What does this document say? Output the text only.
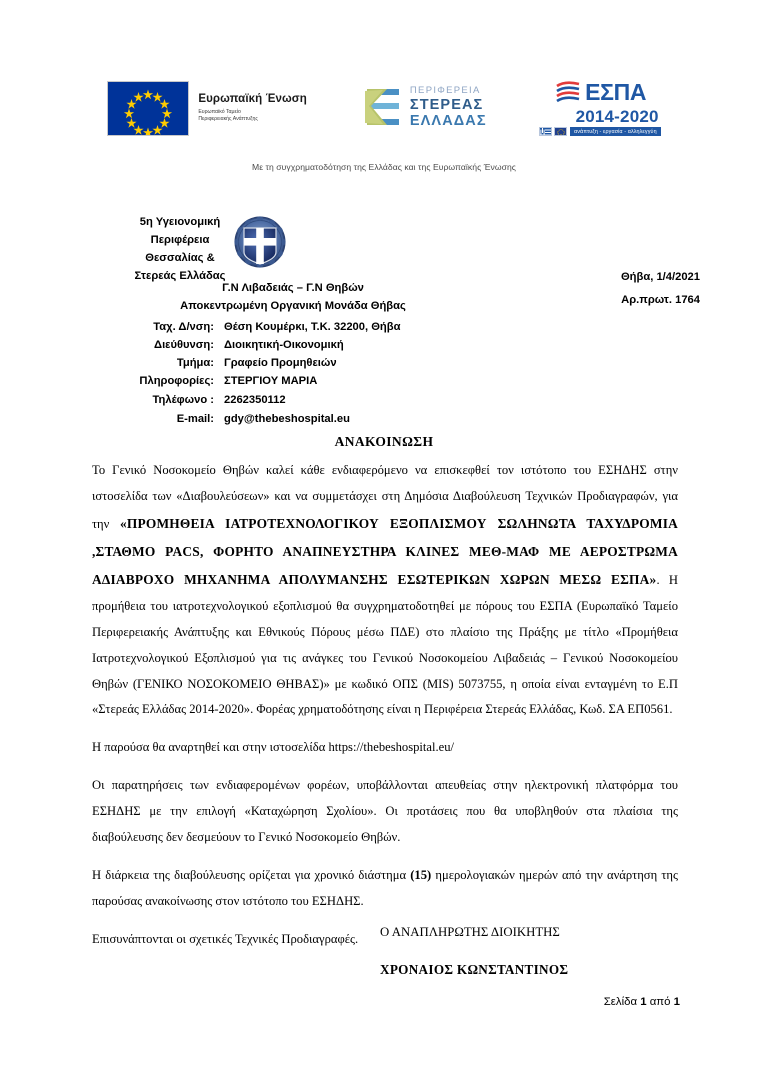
Ευρωπαϊκή Ένωση
Ευρωπαϊκό Ταμείο
Περιφερειακής Ανάπτυξης
ΠΕΡΙΦΕΡΕΙΑ
ΣΤΕΡΕΑΣ
ΕΛΛΑΔΑΣ
ΕΣΠΑ
2014-2020
ανάπτυξη - εργασία - αλληλεγγύη
Με τη συγχρηματοδότηση της Ελλάδας και της Ευρωπαϊκής Ένωσης
5η Υγειονομική
Περιφέρεια
Θεσσαλίας &
Στερεάς Ελλάδας	Θήβα, 1/4/2021
Αρ.πρωτ. 1764
Γ.Ν Λιβαδειάς – Γ.Ν Θηβών
Αποκεντρωμένη Οργανική Μονάδα Θήβας
Ταχ. Δ/νση: Θέση Κουμέρκι, Τ.Κ. 32200, Θήβα
Διεύθυνση: Διοικητική-Οικονομική
Τμήμα: Γραφείο Προμηθειών
Πληροφορίες: ΣΤΕΡΓΙΟΥ ΜΑΡΙΑ
Τηλέφωνο : 2262350112
E-mail: gdy@thebeshospital.eu
ΑΝΑΚΟΙΝΩΣΗ

Το Γενικό Νοσοκομείο Θηβών καλεί κάθε ενδιαφερόμενο να επισκεφθεί τον ιστότοπο του ΕΣΗΔΗΣ στην ιστοσελίδα των «Διαβουλεύσεων» και να συμμετάσχει στη Δημόσια Διαβούλευση Τεχνικών Προδιαγραφών, για την «ΠΡΟΜΗΘΕΙΑ ΙΑΤΡΟΤΕΧΝΟΛΟΓΙΚΟΥ ΕΞΟΠΛΙΣΜΟΥ ΣΩΛΗΝΩΤΑ ΤΑΧΥΔΡΟΜΙΑ ,ΣΤΑΘΜΟ PACS, ΦΟΡΗΤΟ ΑΝΑΠΝΕΥΣΤΗΡΑ ΚΛΙΝΕΣ ΜΕΘ-ΜΑΦ ΜΕ ΑΕΡΟΣΤΡΩΜΑ ΑΔΙΑΒΡΟΧΟ ΜΗΧΑΝΗΜΑ ΑΠΟΛΥΜΑΝΣΗΣ ΕΣΩΤΕΡΙΚΩΝ ΧΩΡΩΝ ΜΕΣΩ ΕΣΠΑ». Η προμήθεια του ιατροτεχνολογικού εξοπλισμού θα συγχρηματοδοτηθεί με πόρους του ΕΣΠΑ (Ευρωπαϊκό Ταμείο Περιφερειακής Ανάπτυξης και Εθνικούς Πόρους μέσω ΠΔΕ) στο πλαίσιο της Πράξης με τίτλο «Προμήθεια Ιατροτεχνολογικού Εξοπλισμού για τις ανάγκες του Γενικού Νοσοκομείου Λιβαδειάς – Γενικού Νοσοκομείου Θηβών (ΓΕΝΙΚΟ ΝΟΣΟΚΟΜΕΙΟ ΘΗΒΑΣ)» με κωδικό ΟΠΣ (MIS) 5073755, η οποία είναι ενταγμένη το Ε.Π «Στερεάς Ελλάδας 2014-2020». Φορέας χρηματοδότησης είναι η Περιφέρεια Στερεάς Ελλάδας, Κωδ. ΣΑ ΕΠ0561.

Η παρούσα θα αναρτηθεί και στην ιστοσελίδα https://thebeshospital.eu/

Οι παρατηρήσεις των ενδιαφερομένων φορέων, υποβάλλονται απευθείας στην ηλεκτρονική πλατφόρμα του ΕΣΗΔΗΣ με την επιλογή «Καταχώρηση Σχολίου». Οι προτάσεις που θα υποβληθούν στα πλαίσια της διαβούλευσης δεν δεσμεύουν το Γενικό Νοσοκομείο Θηβών.

Η διάρκεια της διαβούλευσης ορίζεται για χρονικό διάστημα (15) ημερολογιακών ημερών από την ανάρτηση της παρούσας ανακοίνωσης στον ιστότοπο του ΕΣΗΔΗΣ.

Επισυνάπτονται οι σχετικές Τεχνικές Προδιαγραφές.	Ο ΑΝΑΠΛΗΡΩΤΗΣ ΔΙΟΙΚΗΤΗΣ
ΧΡΟΝΑΙΟΣ ΚΩΝΣΤΑΝΤΙΝΟΣ
Σελίδα 1 από 1
